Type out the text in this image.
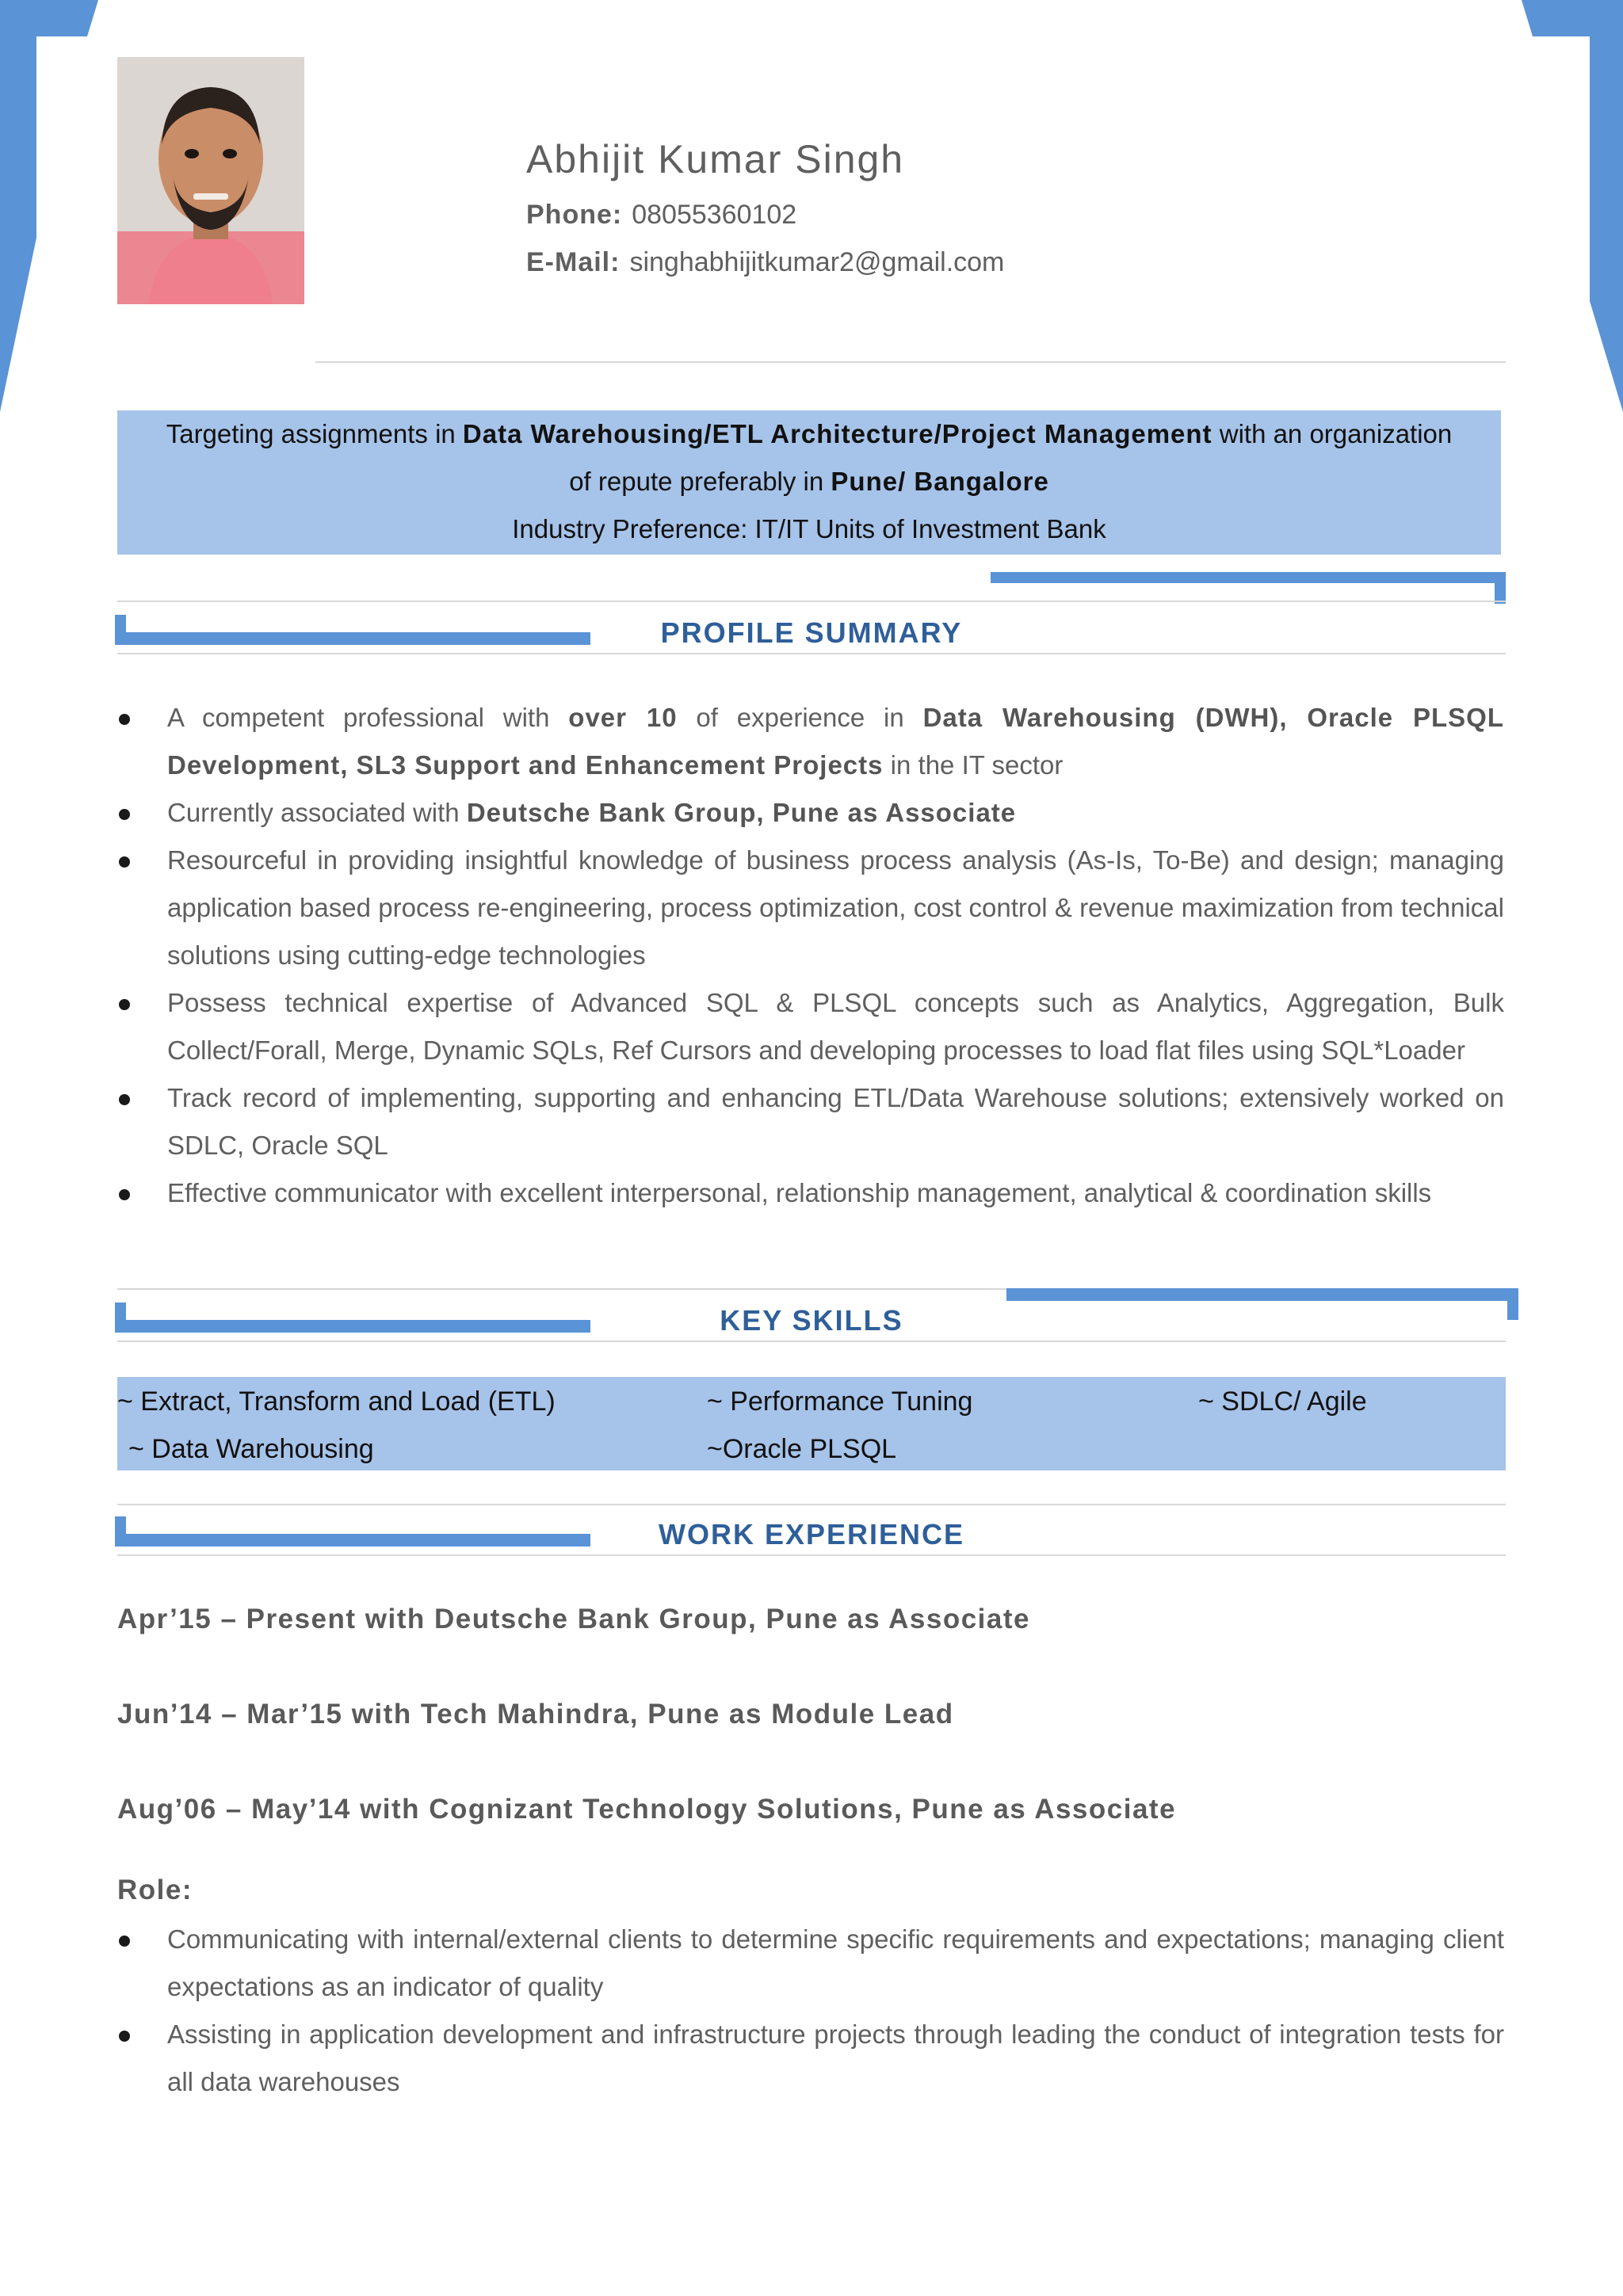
Abhijit Kumar Singh
Phone: 08055360102
E-Mail: singhabhijitkumar2@gmail.com
Targeting assignments in Data Warehousing/ETL Architecture/Project Management with an organization
of repute preferably in Pune/ Bangalore
Industry Preference: IT/IT Units of Investment Bank
PROFILE SUMMARY
A competent professional with over 10 of experience in Data Warehousing (DWH), Oracle PLSQL Development, SL3 Support and Enhancement Projects in the IT sector
Currently associated with Deutsche Bank Group, Pune as Associate
Resourceful in providing insightful knowledge of business process analysis (As-Is, To-Be) and design; managing application based process re-engineering, process optimization, cost control & revenue maximization from technical solutions using cutting-edge technologies
Possess technical expertise of Advanced SQL & PLSQL concepts such as Analytics, Aggregation, Bulk Collect/Forall, Merge, Dynamic SQLs, Ref Cursors and developing processes to load flat files using SQL*Loader
Track record of implementing, supporting and enhancing ETL/Data Warehouse solutions; extensively worked on SDLC, Oracle SQL
Effective communicator with excellent interpersonal, relationship management, analytical & coordination skills
KEY SKILLS
~ Extract, Transform and Load (ETL)	~ Performance Tuning	~ SDLC/ Agile
~ Data Warehousing	~Oracle PLSQL
WORK EXPERIENCE
Apr’15 – Present with Deutsche Bank Group, Pune as Associate
Jun’14 – Mar’15 with Tech Mahindra, Pune as Module Lead
Aug’06 – May’14 with Cognizant Technology Solutions, Pune as Associate
Role:
Communicating with internal/external clients to determine specific requirements and expectations; managing client expectations as an indicator of quality
Assisting in application development and infrastructure projects through leading the conduct of integration tests for all data warehouses
